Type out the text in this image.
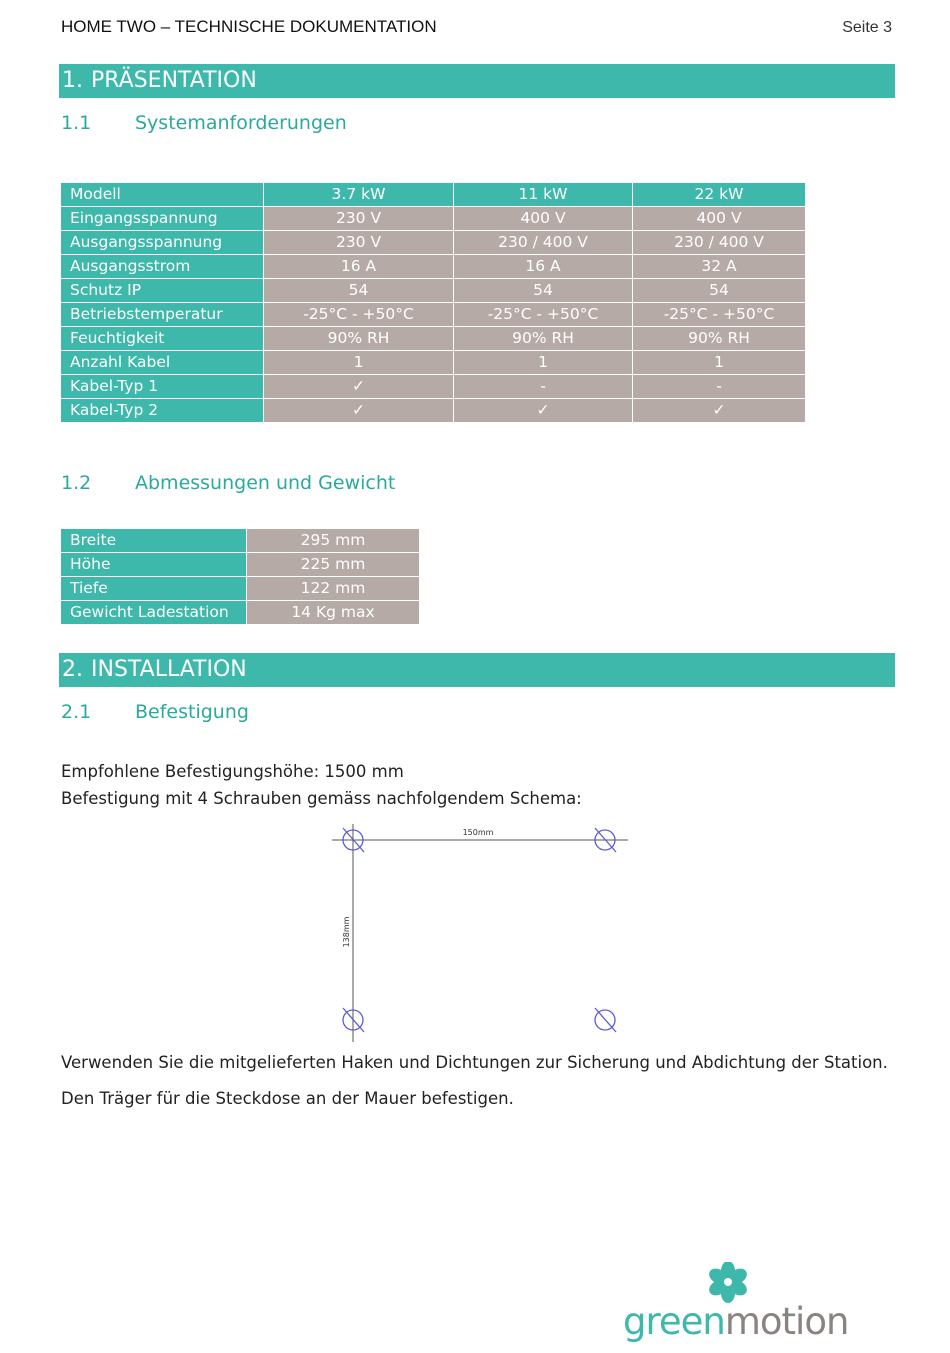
HOME TWO – TECHNISCHE DOKUMENTATION	Seite 3
1. PRÄSENTATION
1.1 Systemanforderungen
Modell	3.7 kW	11 kW	22 kW
Eingangsspannung	230 V	400 V	400 V
Ausgangsspannung	230 V	230 / 400 V	230 / 400 V
Ausgangsstrom	16 A	16 A	32 A
Schutz IP	54	54	54
Betriebstemperatur	-25°C - +50°C	-25°C - +50°C	-25°C - +50°C
Feuchtigkeit	90% RH	90% RH	90% RH
Anzahl Kabel	1	1	1
Kabel-Typ 1	✓	-	-
Kabel-Typ 2	✓	✓	✓
1.2 Abmessungen und Gewicht
Breite	295 mm
Höhe	225 mm
Tiefe	122 mm
Gewicht Ladestation	14 Kg max
2. INSTALLATION
2.1 Befestigung
Empfohlene Befestigungshöhe: 1500 mm
Befestigung mit 4 Schrauben gemäss nachfolgendem Schema:
150mm
138mm
Verwenden Sie die mitgelieferten Haken und Dichtungen zur Sicherung und Abdichtung der Station.
Den Träger für die Steckdose an der Mauer befestigen.
greenmotion
